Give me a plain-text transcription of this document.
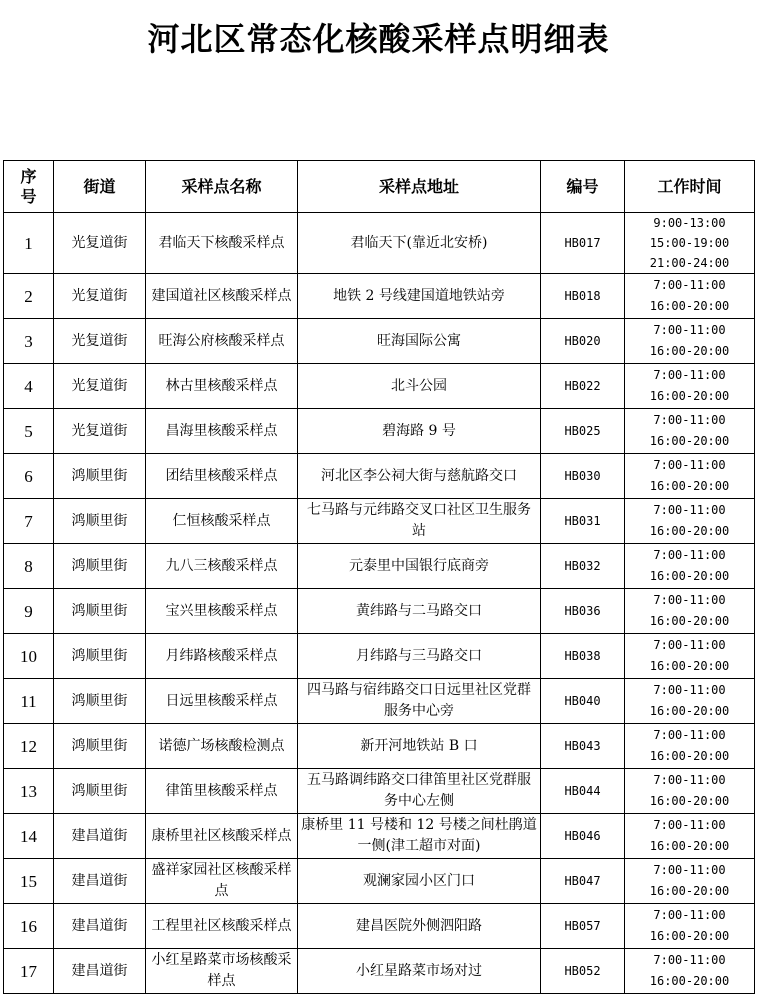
河北区常态化核酸采样点明细表
序号	街道	采样点名称	采样点地址	编号	工作时间
1	光复道街	君临天下核酸采样点	君临天下(靠近北安桥)	HB017	9:00-13:00
15:00-19:00
21:00-24:00

2	光复道街	建国道社区核酸采样点	地铁 2 号线建国道地铁站旁	HB018	7:00-11:00
16:00-20:00

3	光复道街	旺海公府核酸采样点	旺海国际公寓	HB020	7:00-11:00
16:00-20:00

4	光复道街	林古里核酸采样点	北斗公园	HB022	7:00-11:00
16:00-20:00

5	光复道街	昌海里核酸采样点	碧海路 9 号	HB025	7:00-11:00
16:00-20:00

6	鸿顺里街	团结里核酸采样点	河北区李公祠大街与慈航路交口	HB030	7:00-11:00
16:00-20:00

7	鸿顺里街	仁恒核酸采样点	七马路与元纬路交叉口社区卫生服务站	HB031	7:00-11:00
16:00-20:00

8	鸿顺里街	九八三核酸采样点	元泰里中国银行底商旁	HB032	7:00-11:00
16:00-20:00

9	鸿顺里街	宝兴里核酸采样点	黄纬路与二马路交口	HB036	7:00-11:00
16:00-20:00

10	鸿顺里街	月纬路核酸采样点	月纬路与三马路交口	HB038	7:00-11:00
16:00-20:00

11	鸿顺里街	日远里核酸采样点	四马路与宿纬路交口日远里社区党群服务中心旁	HB040	7:00-11:00
16:00-20:00

12	鸿顺里街	诺德广场核酸检测点	新开河地铁站 B 口	HB043	7:00-11:00
16:00-20:00

13	鸿顺里街	律笛里核酸采样点	五马路调纬路交口律笛里社区党群服务中心左侧	HB044	7:00-11:00
16:00-20:00

14	建昌道街	康桥里社区核酸采样点	康桥里 11 号楼和 12 号楼之间杜鹃道一侧(津工超市对面)	HB046	7:00-11:00
16:00-20:00

15	建昌道街	盛祥家园社区核酸采样点	观澜家园小区门口	HB047	7:00-11:00
16:00-20:00

16	建昌道街	工程里社区核酸采样点	建昌医院外侧泗阳路	HB057	7:00-11:00
16:00-20:00

17	建昌道街	小红星路菜市场核酸采样点	小红星路菜市场对过	HB052	7:00-11:00
16:00-20:00
